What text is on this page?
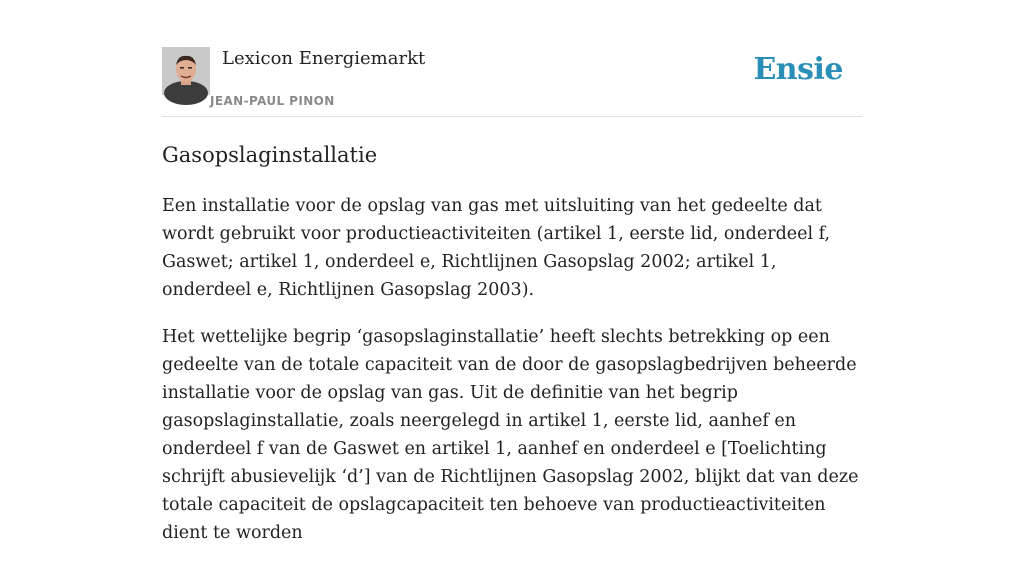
Lexicon Energiemarkt
JEAN-PAUL PINON
Ensie
Gasopslaginstallatie

Een installatie voor de opslag van gas met uitsluiting van het gedeelte dat wordt gebruikt voor productieactiviteiten (artikel 1, eerste lid, onderdeel f, Gaswet; artikel 1, onderdeel e, Richtlijnen Gasopslag 2002; artikel 1, onderdeel e, Richtlijnen Gasopslag 2003).

Het wettelijke begrip ‘gasopslaginstallatie’ heeft slechts betrekking op een gedeelte van de totale capaciteit van de door de gasopslagbedrijven beheerde installatie voor de opslag van gas. Uit de definitie van het begrip gasopslaginstallatie, zoals neergelegd in artikel 1, eerste lid, aanhef en onderdeel f van de Gaswet en artikel 1, aanhef en onderdeel e [Toelichting schrijft abusievelijk ‘d’] van de Richtlijnen Gasopslag 2002, blijkt dat van deze totale capaciteit de opslagcapaciteit ten behoeve van productieactiviteiten dient te worden
